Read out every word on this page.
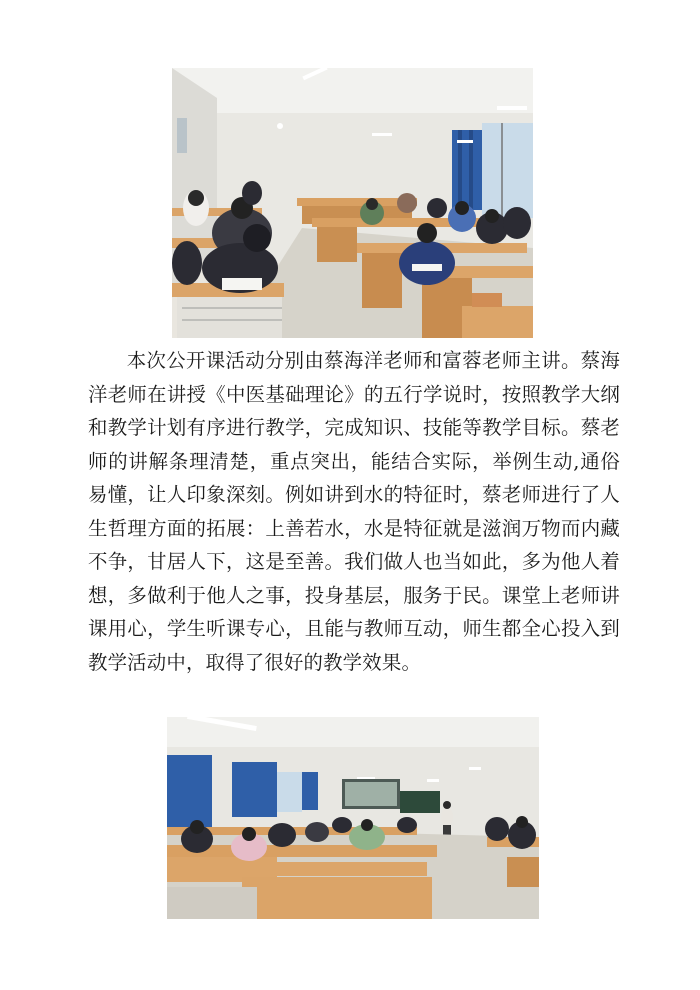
本次公开课活动分别由蔡海洋老师和富蓉老师主讲。蔡海洋老师在讲授《中医基础理论》的五行学说时，按照教学大纲和教学计划有序进行教学，完成知识、技能等教学目标。蔡老师的讲解条理清楚，重点突出，能结合实际，举例生动,通俗易懂，让人印象深刻。例如讲到水的特征时，蔡老师进行了人生哲理方面的拓展：上善若水，水是特征就是滋润万物而内藏不争，甘居人下，这是至善。我们做人也当如此，多为他人着想，多做利于他人之事，投身基层，服务于民。课堂上老师讲课用心，学生听课专心，且能与教师互动，师生都全心投入到教学活动中，取得了很好的教学效果。
